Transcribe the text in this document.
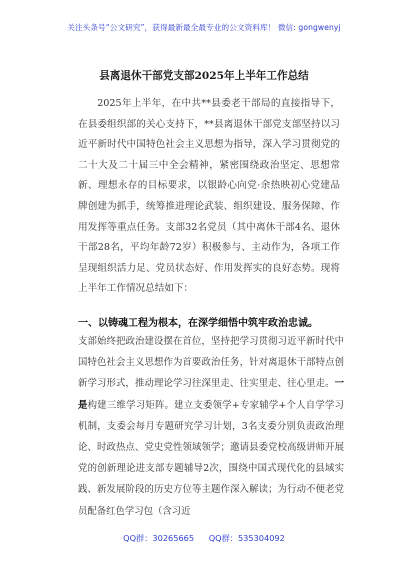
关注头条号“公文研究”，获得最新最全最专业的公文资料库！ 微信: gongwenyj
县离退休干部党支部2025年上半年工作总结

2025年上半年，在中共**县委老干部局的直接指导下，在县委组织部的关心支持下，**县离退休干部党支部坚持以习近平新时代中国特色社会主义思想为指导，深入学习贯彻党的二十大及二十届三中全会精神，紧密围绕政治坚定、思想常新、理想永存的目标要求，以银龄心向党·余热映初心党建品牌创建为抓手，统筹推进理论武装、组织建设、服务保障、作用发挥等重点任务。支部32名党员（其中离休干部4名、退休干部28名，平均年龄72岁）积极参与、主动作为，各项工作呈现组织活力足、党员状态好、作用发挥实的良好态势。现将上半年工作情况总结如下：

一、以铸魂工程为根本，在深学细悟中筑牢政治忠诚。

支部始终把政治建设摆在首位，坚持把学习贯彻习近平新时代中国特色社会主义思想作为首要政治任务，针对离退休干部特点创新学习形式，推动理论学习往深里走、往实里走、往心里走。一是构建三维学习矩阵。建立支委领学+专家辅学+个人自学学习机制，支委会每月专题研究学习计划，3名支委分别负责政治理论、时政热点、党史党性领域领学；邀请县委党校高级讲师开展党的创新理论进支部专题辅导2次，围绕中国式现代化的县域实践、新发展阶段的历史方位等主题作深入解读；为行动不便老党员配备红色学习包（含习近

QQ群：30265665 QQ群：535304092
